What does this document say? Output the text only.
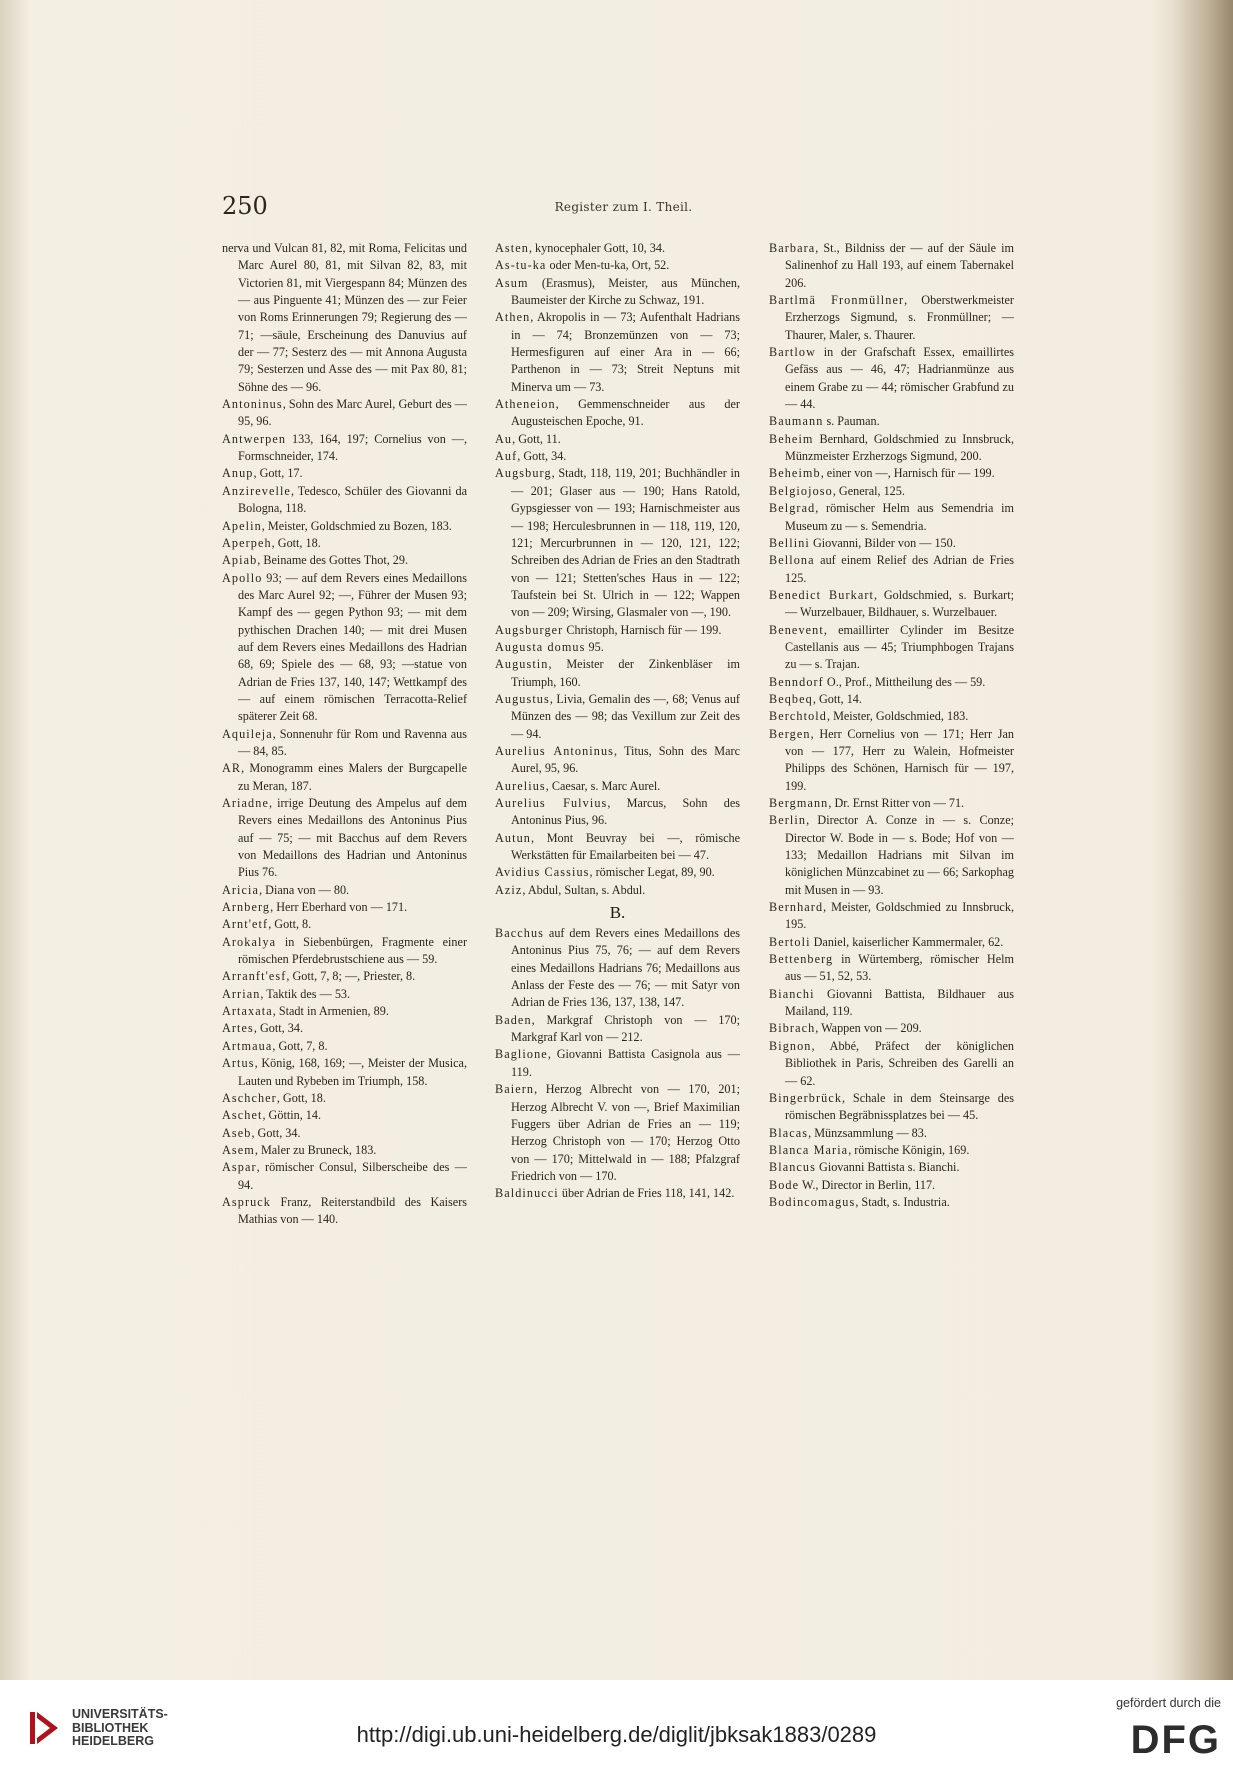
250	Register zum I. Theil.
nerva und Vulcan 81, 82, mit Roma, Felicitas und Marc Aurel 80, 81, mit Silvan 82, 83, mit Victorien 81, mit Viergespann 84; Münzen des — aus Pinguente 41; Münzen des — zur Feier von Roms Erinnerungen 79; Regierung des — 71; —säule, Erscheinung des Danuvius auf der — 77; Sesterz des — mit Annona Augusta 79; Sesterzen und Asse des — mit Pax 80, 81; Söhne des — 96.
Antoninus, Sohn des Marc Aurel, Geburt des — 95, 96.
Antwerpen 133, 164, 197; Cornelius von —, Formschneider, 174.
Anup, Gott, 17.
Anzirevelle, Tedesco, Schüler des Giovanni da Bologna, 118.
Apelin, Meister, Goldschmied zu Bozen, 183.
Aperpeh, Gott, 18.
Apiab, Beiname des Gottes Thot, 29.
Apollo 93; — auf dem Revers eines Medaillons des Marc Aurel 92; —, Führer der Musen 93; Kampf des — gegen Python 93; — mit dem pythischen Drachen 140; — mit drei Musen auf dem Revers eines Medaillons des Hadrian 68, 69; Spiele des — 68, 93; —statue von Adrian de Fries 137, 140, 147; Wettkampf des — auf einem römischen Terracotta-Relief späterer Zeit 68.
Aquileja, Sonnenuhr für Rom und Ravenna aus — 84, 85.
AR, Monogramm eines Malers der Burgcapelle zu Meran, 187.
Ariadne, irrige Deutung des Ampelus auf dem Revers eines Medaillons des Antoninus Pius auf — 75; — mit Bacchus auf dem Revers von Medaillons des Hadrian und Antoninus Pius 76.
Aricia, Diana von — 80.
Arnberg, Herr Eberhard von — 171.
Arnt'etf, Gott, 8.
Arokalya in Siebenbürgen, Fragmente einer römischen Pferdebrustschiene aus — 59.
Arranft'esf, Gott, 7, 8; —, Priester, 8.
Arrian, Taktik des — 53.
Artaxata, Stadt in Armenien, 89.
Artes, Gott, 34.
Artmaua, Gott, 7, 8.
Artus, König, 168, 169; —, Meister der Musica, Lauten und Rybeben im Triumph, 158.
Aschcher, Gott, 18.
Aschet, Göttin, 14.
Aseb, Gott, 34.
Asem, Maler zu Bruneck, 183.
Aspar, römischer Consul, Silberscheibe des — 94.
Aspruck Franz, Reiterstandbild des Kaisers Mathias von — 140.
Asten, kynocephaler Gott, 10, 34.
As-tu-ka oder Men-tu-ka, Ort, 52.
Asum (Erasmus), Meister, aus München, Baumeister der Kirche zu Schwaz, 191.
Athen, Akropolis in — 73; Aufenthalt Hadrians in — 74; Bronzemünzen von — 73; Hermesfiguren auf einer Ara in — 66; Parthenon in — 73; Streit Neptuns mit Minerva um — 73.
Atheneion, Gemmenschneider aus der Augusteischen Epoche, 91.
Au, Gott, 11.
Auf, Gott, 34.
Augsburg, Stadt, 118, 119, 201; Buchhändler in — 201; Glaser aus — 190; Hans Ratold, Gypsgiesser von — 193; Harnischmeister aus — 198; Herculesbrunnen in — 118, 119, 120, 121; Mercurbrunnen in — 120, 121, 122; Schreiben des Adrian de Fries an den Stadtrath von — 121; Stetten'sches Haus in — 122; Taufstein bei St. Ulrich in — 122; Wappen von — 209; Wirsing, Glasmaler von —, 190.
Augsburger Christoph, Harnisch für — 199.
Augusta domus 95.
Augustin, Meister der Zinkenbläser im Triumph, 160.
Augustus, Livia, Gemalin des —, 68; Venus auf Münzen des — 98; das Vexillum zur Zeit des — 94.
Aurelius Antoninus, Titus, Sohn des Marc Aurel, 95, 96.
Aurelius, Caesar, s. Marc Aurel.
Aurelius Fulvius, Marcus, Sohn des Antoninus Pius, 96.
Autun, Mont Beuvray bei —, römische Werkstätten für Emailarbeiten bei — 47.
Avidius Cassius, römischer Legat, 89, 90.
Aziz, Abdul, Sultan, s. Abdul.
B.
Bacchus auf dem Revers eines Medaillons des Antoninus Pius 75, 76; — auf dem Revers eines Medaillons Hadrians 76; Medaillons aus Anlass der Feste des — 76; — mit Satyr von Adrian de Fries 136, 137, 138, 147.
Baden, Markgraf Christoph von — 170; Markgraf Karl von — 212.
Baglione, Giovanni Battista Casignola aus — 119.
Baiern, Herzog Albrecht von — 170, 201; Herzog Albrecht V. von —, Brief Maximilian Fuggers über Adrian de Fries an — 119; Herzog Christoph von — 170; Herzog Otto von — 170; Mittelwald in — 188; Pfalzgraf Friedrich von — 170.
Baldinucci über Adrian de Fries 118, 141, 142.
Barbara, St., Bildniss der — auf der Säule im Salinenhof zu Hall 193, auf einem Tabernakel 206.
Bartlmä Fronmüllner, Oberstwerkmeister Erzherzogs Sigmund, s. Fronmüllner; — Thaurer, Maler, s. Thaurer.
Bartlow in der Grafschaft Essex, emaillirtes Gefäss aus — 46, 47; Hadrianmünze aus einem Grabe zu — 44; römischer Grabfund zu — 44.
Baumann s. Pauman.
Beheim Bernhard, Goldschmied zu Innsbruck, Münzmeister Erzherzogs Sigmund, 200.
Beheimb, einer von —, Harnisch für — 199.
Belgiojoso, General, 125.
Belgrad, römischer Helm aus Semendria im Museum zu — s. Semendria.
Bellini Giovanni, Bilder von — 150.
Bellona auf einem Relief des Adrian de Fries 125.
Benedict Burkart, Goldschmied, s. Burkart; — Wurzelbauer, Bildhauer, s. Wurzelbauer.
Benevent, emaillirter Cylinder im Besitze Castellanis aus — 45; Triumphbogen Trajans zu — s. Trajan.
Benndorf O., Prof., Mittheilung des — 59.
Beqbeq, Gott, 14.
Berchtold, Meister, Goldschmied, 183.
Bergen, Herr Cornelius von — 171; Herr Jan von — 177, Herr zu Walein, Hofmeister Philipps des Schönen, Harnisch für — 197, 199.
Bergmann, Dr. Ernst Ritter von — 71.
Berlin, Director A. Conze in — s. Conze; Director W. Bode in — s. Bode; Hof von — 133; Medaillon Hadrians mit Silvan im königlichen Münzcabinet zu — 66; Sarkophag mit Musen in — 93.
Bernhard, Meister, Goldschmied zu Innsbruck, 195.
Bertoli Daniel, kaiserlicher Kammermaler, 62.
Bettenberg in Würtemberg, römischer Helm aus — 51, 52, 53.
Bianchi Giovanni Battista, Bildhauer aus Mailand, 119.
Bibrach, Wappen von — 209.
Bignon, Abbé, Präfect der königlichen Bibliothek in Paris, Schreiben des Garelli an — 62.
Bingerbrück, Schale in dem Steinsarge des römischen Begräbnissplatzes bei — 45.
Blacas, Münzsammlung — 83.
Blanca Maria, römische Königin, 169.
Blancus Giovanni Battista s. Bianchi.
Bode W., Director in Berlin, 117.
Bodincomagus, Stadt, s. Industria.
UNIVERSITÄTS-
BIBLIOTHEK
HEIDELBERG	http://digi.ub.uni-heidelberg.de/diglit/jbksak1883/0289
gefördert durch die
DFG
